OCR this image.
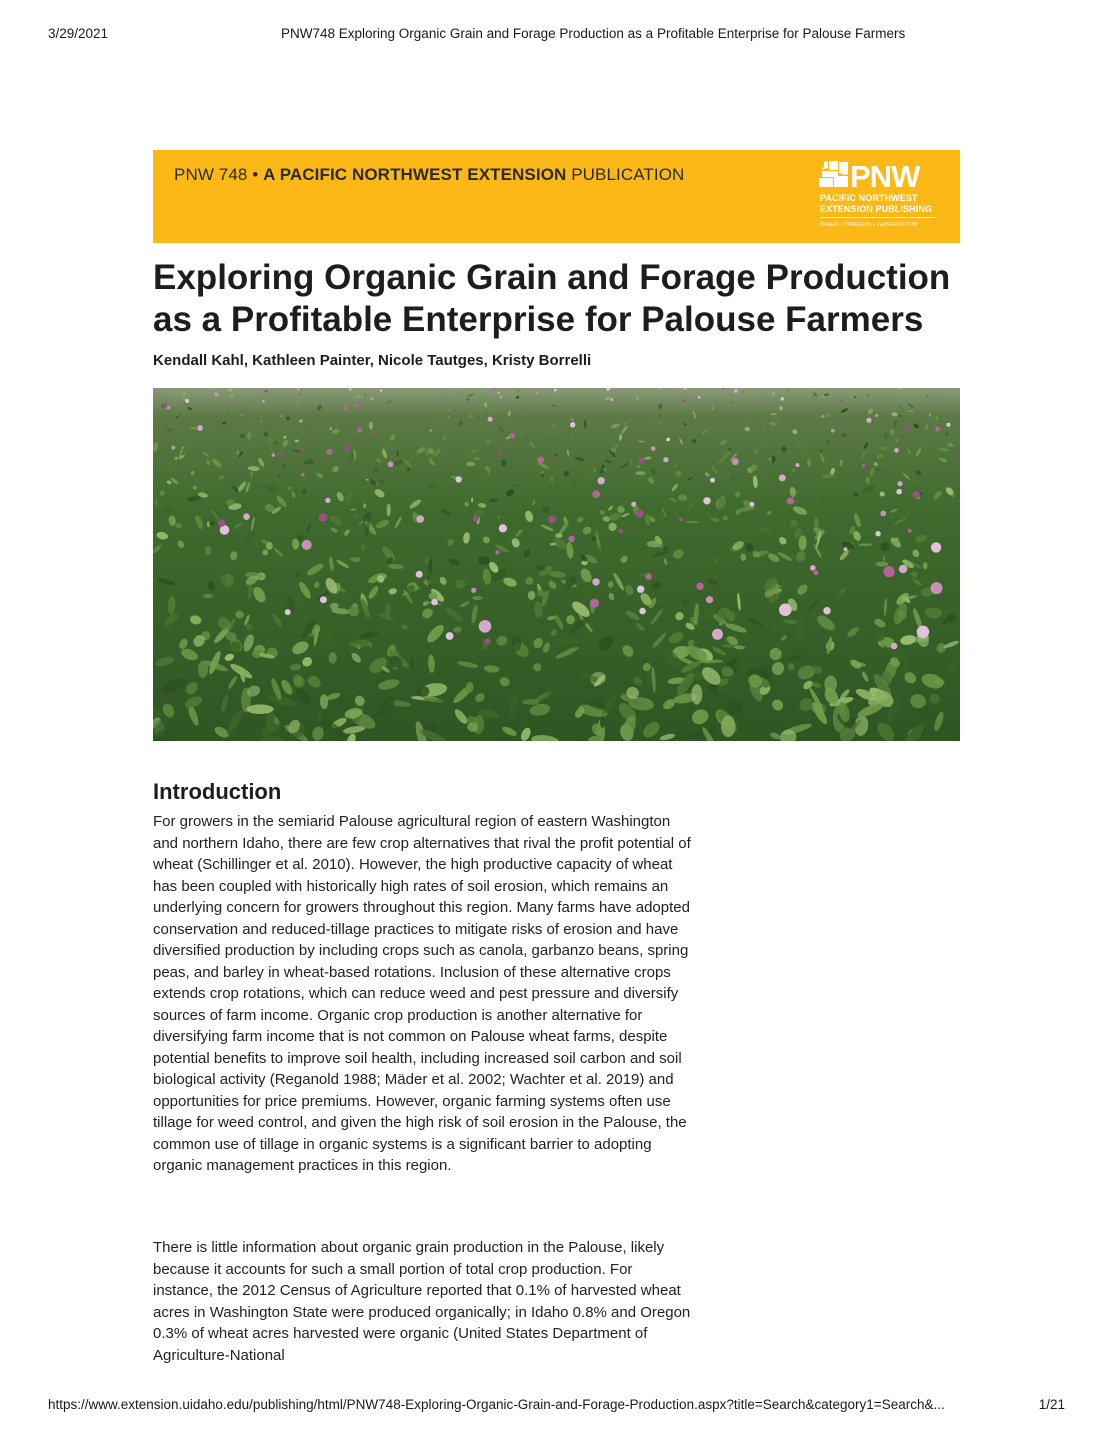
3/29/2021	PNW748 Exploring Organic Grain and Forage Production as a Profitable Enterprise for Palouse Farmers
PNW 748 • A PACIFIC NORTHWEST EXTENSION PUBLICATION	PNW
PACIFIC NORTHWEST
EXTENSION PUBLISHING
IDAHO • OREGON • WASHINGTON
Exploring Organic Grain and Forage Production as a Profitable Enterprise for Palouse Farmers
Kendall Kahl, Kathleen Painter, Nicole Tautges, Kristy Borrelli
Introduction

For growers in the semiarid Palouse agricultural region of eastern Washington and northern Idaho, there are few crop alternatives that rival the profit potential of wheat (Schillinger et al. 2010). However, the high productive capacity of wheat has been coupled with historically high rates of soil erosion, which remains an underlying concern for growers throughout this region. Many farms have adopted conservation and reduced-tillage practices to mitigate risks of erosion and have diversified production by including crops such as canola, garbanzo beans, spring peas, and barley in wheat-based rotations. Inclusion of these alternative crops extends crop rotations, which can reduce weed and pest pressure and diversify sources of farm income. Organic crop production is another alternative for diversifying farm income that is not common on Palouse wheat farms, despite potential benefits to improve soil health, including increased soil carbon and soil biological activity (Reganold 1988; Mäder et al. 2002; Wachter et al. 2019) and opportunities for price premiums. However, organic farming systems often use tillage for weed control, and given the high risk of soil erosion in the Palouse, the common use of tillage in organic systems is a significant barrier to adopting organic management practices in this region.

There is little information about organic grain production in the Palouse, likely because it accounts for such a small portion of total crop production. For instance, the 2012 Census of Agriculture reported that 0.1% of harvested wheat acres in Washington State were produced organically; in Idaho 0.8% and Oregon 0.3% of wheat acres harvested were organic (United States Department of Agriculture-National

https://www.extension.uidaho.edu/publishing/html/PNW748-Exploring-Organic-Grain-and-Forage-Production.aspx?title=Search&category1=Search&...	1/21
